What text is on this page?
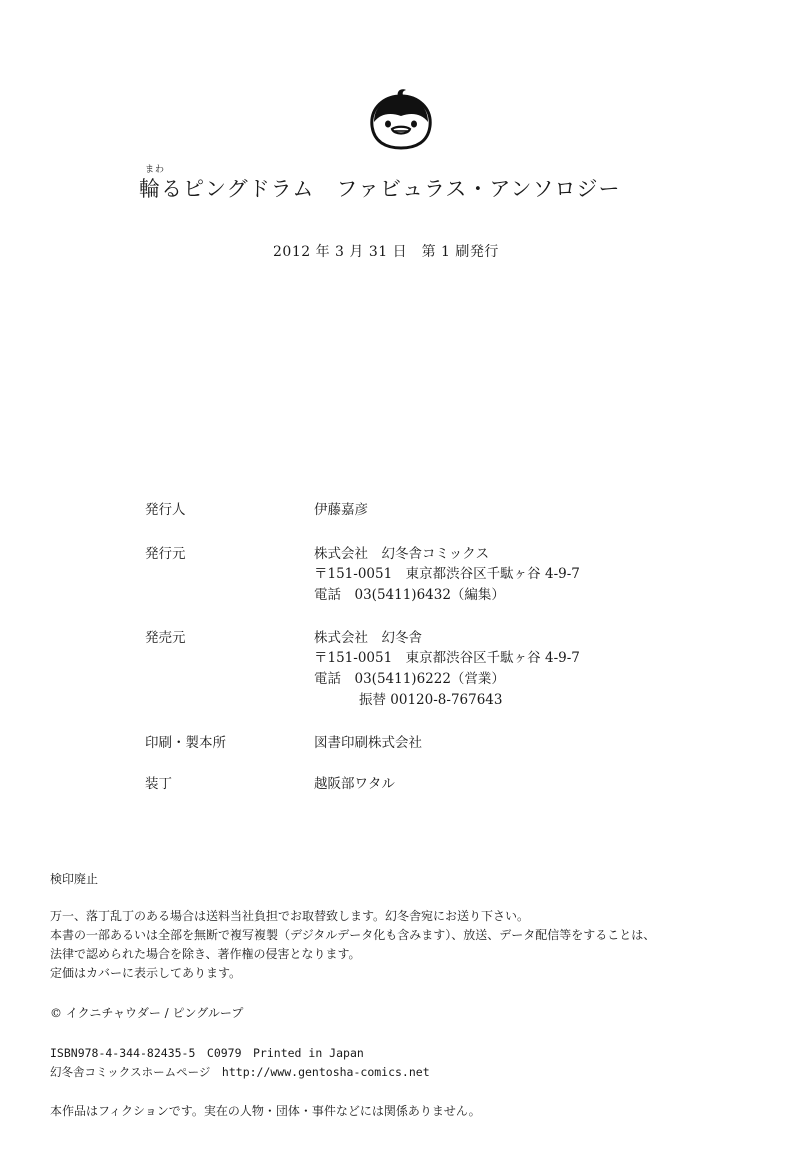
まわ
輪るピングドラム　ファビュラス・アンソロジー
2012 年 3 月 31 日　第 1 刷発行
発行人	伊藤嘉彦
発行元	株式会社　幻冬舎コミックス
〒151-0051　東京都渋谷区千駄ヶ谷 4-9-7
電話　03(5411)6432（編集）
発売元	株式会社　幻冬舎
〒151-0051　東京都渋谷区千駄ヶ谷 4-9-7
電話　03(5411)6222（営業）
振替 00120-8-767643
印刷・製本所	図書印刷株式会社
装丁	越阪部ワタル
検印廃止
万一、落丁乱丁のある場合は送料当社負担でお取替致します。幻冬舎宛にお送り下さい。
本書の一部あるいは全部を無断で複写複製（デジタルデータ化も含みます）、放送、データ配信等をすることは、
法律で認められた場合を除き、著作権の侵害となります。
定価はカバーに表示してあります。
© イクニチャウダー / ピングループ
ISBN978-4-344-82435-5　C0979　Printed in Japan
幻冬舎コミックスホームページ　http://www.gentosha-comics.net
本作品はフィクションです。実在の人物・団体・事件などには関係ありません。
